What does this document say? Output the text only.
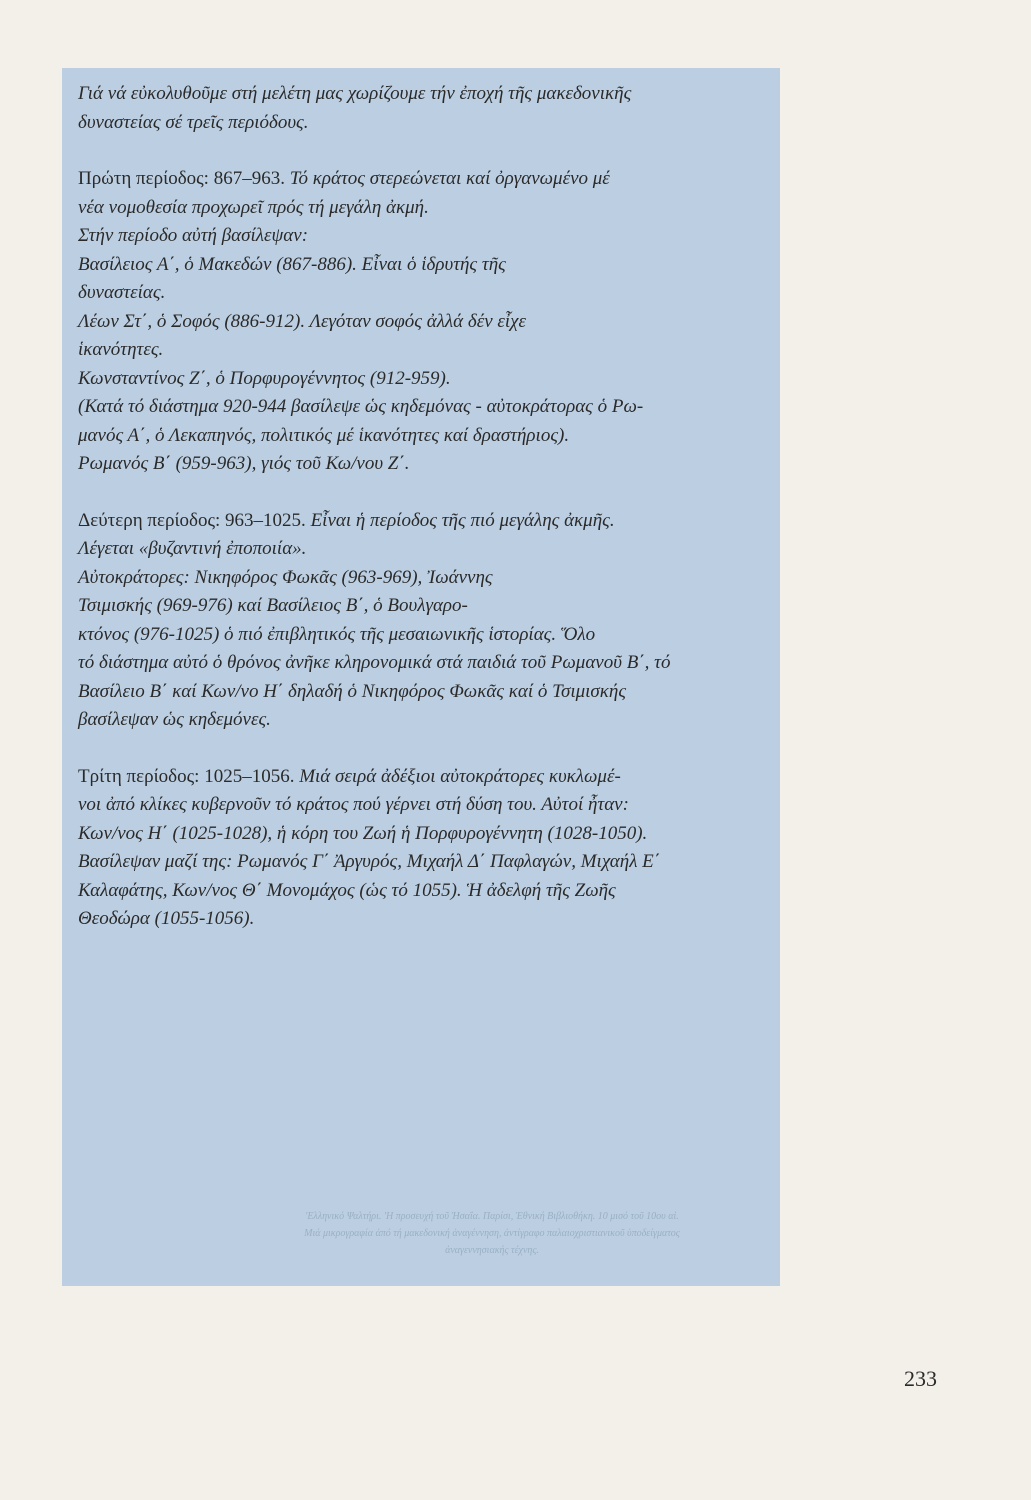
Γιά νά εὐκολυθοῦμε στή μελέτη μας χωρίζουμε τήν ἐποχή τῆς μακεδονικῆς

δυναστείας σέ τρεῖς περιόδους.

Πρώτη περίοδος: 867–963. Τό κράτος στερεώνεται καί ὀργανωμένο μέ

νέα νομοθεσία προχωρεῖ πρός τή μεγάλη ἀκμή.

Στήν περίοδο αὐτή βασίλεψαν:

Βασίλειος Α΄, ὁ Μακεδών (867-886). Εἶναι ὁ ἱδρυτής τῆς

δυναστείας.

Λέων Στ΄, ὁ Σοφός (886-912). Λεγόταν σοφός ἀλλά δέν εἶχε

ἱκανότητες.

Κωνσταντίνος Ζ΄, ὁ Πορφυρογέννητος (912-959).

(Κατά τό διάστημα 920-944 βασίλεψε ὡς κηδεμόνας - αὐτοκράτορας ὁ Ρω-

μανός Α΄, ὁ Λεκαπηνός, πολιτικός μέ ἱκανότητες καί δραστήριος).

Ρωμανός Β΄ (959-963), γιός τοῦ Κω/νου Ζ΄.

Δεύτερη περίοδος: 963–1025. Εἶναι ἡ περίοδος τῆς πιό μεγάλης ἀκμῆς.

Λέγεται «βυζαντινή ἐποποιία».

Αὐτοκράτορες: Νικηφόρος Φωκᾶς (963-969), Ἰωάννης

Τσιμισκής (969-976) καί Βασίλειος Β΄, ὁ Βουλγαρο-

κτόνος (976-1025) ὁ πιό ἐπιβλητικός τῆς μεσαιωνικῆς ἱστορίας. Ὅλο

τό διάστημα αὐτό ὁ θρόνος ἀνῆκε κληρονομικά στά παιδιά τοῦ Ρωμανοῦ Β΄, τό

Βασίλειο Β΄ καί Κων/νο Η΄ δηλαδή ὁ Νικηφόρος Φωκᾶς καί ὁ Τσιμισκής

βασίλεψαν ὡς κηδεμόνες.

Τρίτη περίοδος: 1025–1056. Μιά σειρά ἀδέξιοι αὐτοκράτορες κυκλωμέ-

νοι ἀπό κλίκες κυβερνοῦν τό κράτος πού γέρνει στή δύση του. Αὐτοί ἦταν:

Κων/νος Η΄ (1025-1028), ἡ κόρη του Ζωή ἡ Πορφυρογέννητη (1028-1050).

Βασίλεψαν μαζί της: Ρωμανός Γ΄ Ἀργυρός, Μιχαήλ Δ΄ Παφλαγών, Μιχαήλ Ε΄

Καλαφάτης, Κων/νος Θ΄ Μονομάχος (ὡς τό 1055). Ἡ ἀδελφή τῆς Ζωῆς

Θεοδώρα (1055-1056).

'Ελληνικό Ψαλτήρι. 'Η προσευχή τοῦ Ἠσαΐα. Παρίσι, Ἐθνική Βιβλιοθήκη. 10 μισό τοῦ 10ου αἰ.
Μιά μικρογραφία ἀπό τή μακεδονική ἀναγέννηση, ἀντίγραφο παλαιοχριστιανικοῦ ὑποδείγματος
ἀναγεννησιακής τέχνης.
233
